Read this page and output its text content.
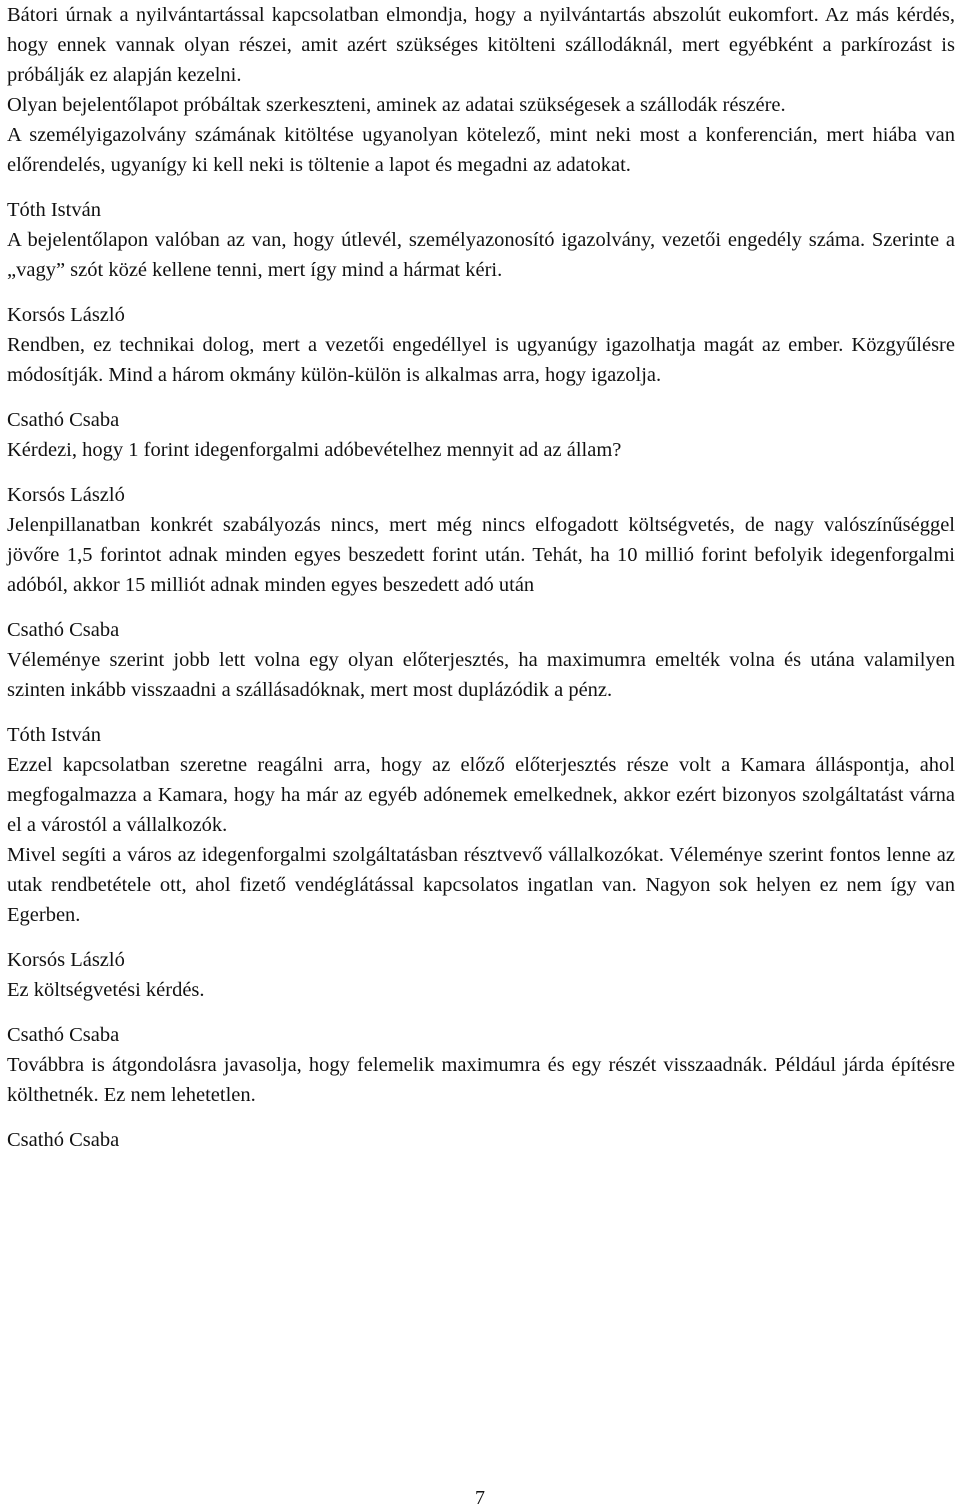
Bátori úrnak a nyilvántartással kapcsolatban elmondja, hogy a nyilvántartás abszolút eukomfort. Az más kérdés, hogy ennek vannak olyan részei, amit azért szükséges kitölteni szállodáknál, mert egyébként a parkírozást is próbálják ez alapján kezelni.

Olyan bejelentőlapot próbáltak szerkeszteni, aminek az adatai szükségesek a szállodák részére.

A személyigazolvány számának kitöltése ugyanolyan kötelező, mint neki most a konferencián, mert hiába van előrendelés, ugyanígy ki kell neki is töltenie a lapot és megadni az adatokat.

Tóth István

A bejelentőlapon valóban az van, hogy útlevél, személyazonosító igazolvány, vezetői engedély száma. Szerinte a „vagy” szót közé kellene tenni, mert így mind a hármat kéri.

Korsós László

Rendben, ez technikai dolog, mert a vezetői engedéllyel is ugyanúgy igazolhatja magát az ember. Közgyűlésre módosítják. Mind a három okmány külön-külön is alkalmas arra, hogy igazolja.

Csathó Csaba

Kérdezi, hogy 1 forint idegenforgalmi adóbevételhez mennyit ad az állam?

Korsós László

Jelenpillanatban konkrét szabályozás nincs, mert még nincs elfogadott költségvetés, de nagy valószínűséggel jövőre 1,5 forintot adnak minden egyes beszedett forint után. Tehát, ha 10 millió forint befolyik idegenforgalmi adóból, akkor 15 milliót adnak minden egyes beszedett adó után

Csathó Csaba

Véleménye szerint jobb lett volna egy olyan előterjesztés, ha maximumra emelték volna és utána valamilyen szinten inkább visszaadni a szállásadóknak, mert most duplázódik a pénz.

Tóth István

Ezzel kapcsolatban szeretne reagálni arra, hogy az előző előterjesztés része volt a Kamara álláspontja, ahol megfogalmazza a Kamara, hogy ha már az egyéb adónemek emelkednek, akkor ezért bizonyos szolgáltatást várna el a várostól a vállalkozók.

Mivel segíti a város az idegenforgalmi szolgáltatásban résztvevő vállalkozókat. Véleménye szerint fontos lenne az utak rendbetétele ott, ahol fizető vendéglátással kapcsolatos ingatlan van. Nagyon sok helyen ez nem így van Egerben.

Korsós László

Ez költségvetési kérdés.

Csathó Csaba

Továbbra is átgondolásra javasolja, hogy felemelik maximumra és egy részét visszaadnák. Például járda építésre költhetnék. Ez nem lehetetlen.

Csathó Csaba

7
